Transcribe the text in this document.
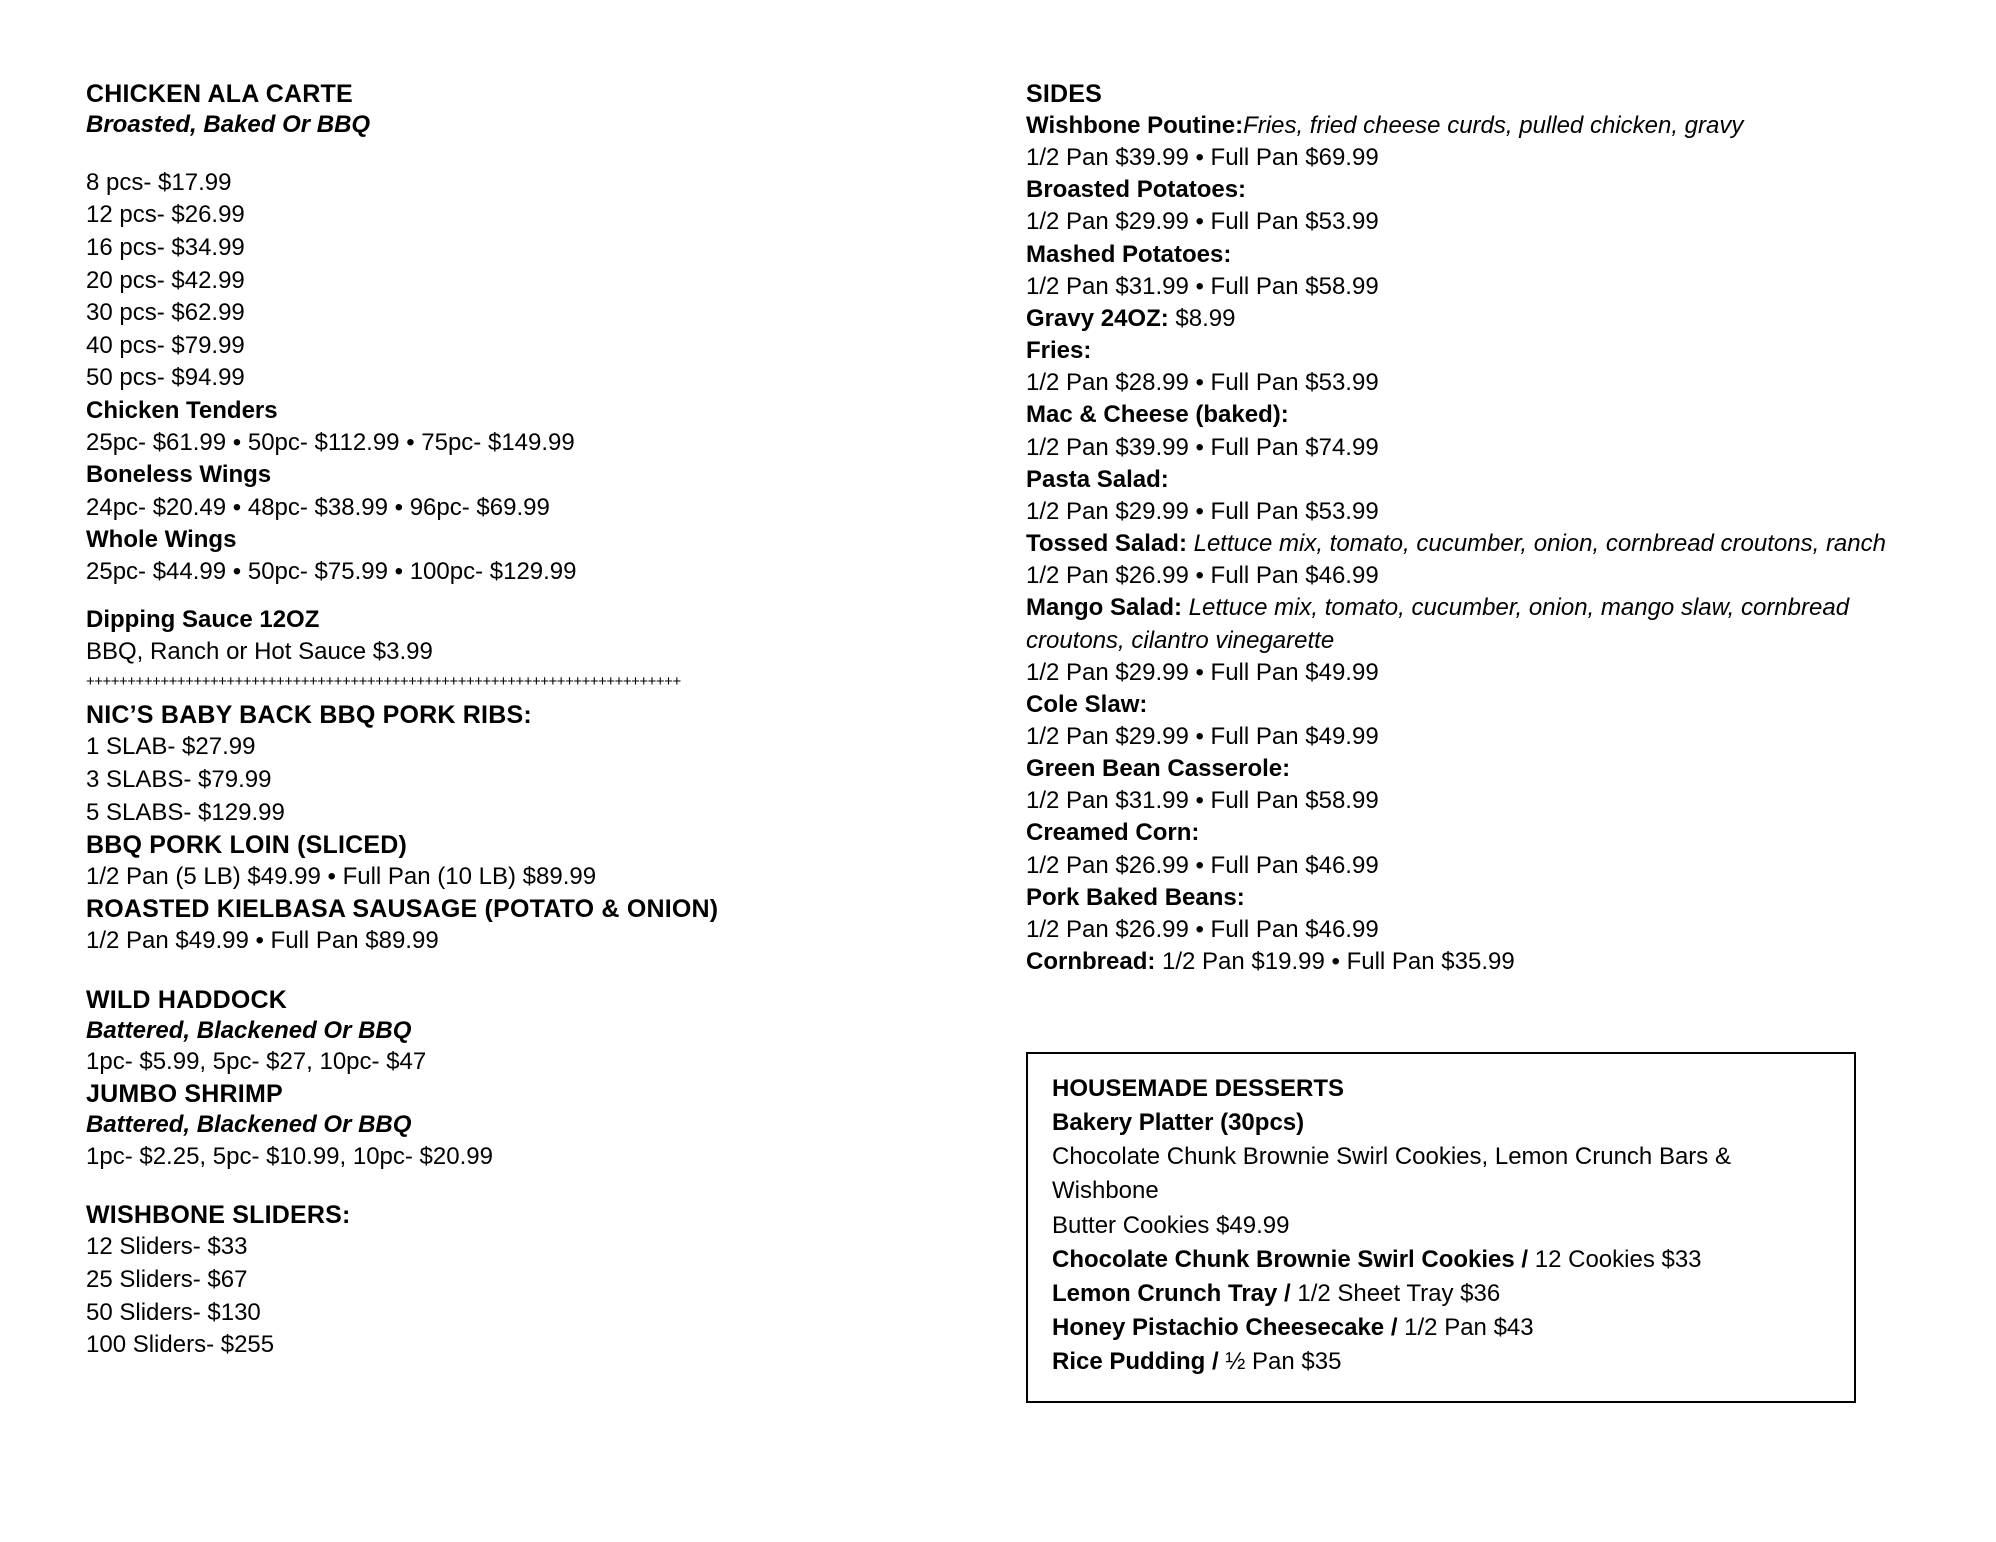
CHICKEN ALA CARTE
Broasted, Baked Or BBQ
8 pcs- $17.99
12 pcs- $26.99
16 pcs- $34.99
20 pcs- $42.99
30 pcs- $62.99
40 pcs- $79.99
50 pcs- $94.99
Chicken Tenders
25pc- $61.99 • 50pc- $112.99 • 75pc- $149.99
Boneless Wings
24pc- $20.49 • 48pc- $38.99 • 96pc- $69.99
Whole Wings
25pc- $44.99 • 50pc- $75.99 • 100pc- $129.99
Dipping Sauce 12OZ
BBQ, Ranch or Hot Sauce $3.99
++++++++++++++++++++++++++++++++++++++++++++++++++++++++++++++++++++++++
NIC’S BABY BACK BBQ PORK RIBS:
1 SLAB- $27.99
3 SLABS- $79.99
5 SLABS- $129.99
BBQ PORK LOIN (SLICED)
1/2 Pan (5 LB) $49.99 • Full Pan (10 LB) $89.99
ROASTED KIELBASA SAUSAGE (POTATO & ONION)
1/2 Pan $49.99 • Full Pan $89.99
WILD HADDOCK
Battered, Blackened Or BBQ
1pc- $5.99, 5pc- $27, 10pc- $47
JUMBO SHRIMP
Battered, Blackened Or BBQ
1pc- $2.25, 5pc- $10.99, 10pc- $20.99
WISHBONE SLIDERS:
12 Sliders- $33
25 Sliders- $67
50 Sliders- $130
100 Sliders- $255
SIDES
Wishbone Poutine:Fries, fried cheese curds, pulled chicken, gravy
1/2 Pan $39.99 • Full Pan $69.99
Broasted Potatoes:
1/2 Pan $29.99 • Full Pan $53.99
Mashed Potatoes:
1/2 Pan $31.99 • Full Pan $58.99
Gravy 24OZ: $8.99
Fries:
1/2 Pan $28.99 • Full Pan $53.99
Mac & Cheese (baked):
1/2 Pan $39.99 • Full Pan $74.99
Pasta Salad:
1/2 Pan $29.99 • Full Pan $53.99
Tossed Salad: Lettuce mix, tomato, cucumber, onion, cornbread croutons, ranch
1/2 Pan $26.99 • Full Pan $46.99
Mango Salad: Lettuce mix, tomato, cucumber, onion, mango slaw, cornbread
croutons, cilantro vinegarette
1/2 Pan $29.99 • Full Pan $49.99
Cole Slaw:
1/2 Pan $29.99 • Full Pan $49.99
Green Bean Casserole:
1/2 Pan $31.99 • Full Pan $58.99
Creamed Corn:
1/2 Pan $26.99 • Full Pan $46.99
Pork Baked Beans:
1/2 Pan $26.99 • Full Pan $46.99
Cornbread: 1/2 Pan $19.99 • Full Pan $35.99
HOUSEMADE DESSERTS
Bakery Platter (30pcs)
Chocolate Chunk Brownie Swirl Cookies, Lemon Crunch Bars & Wishbone
Butter Cookies $49.99
Chocolate Chunk Brownie Swirl Cookies / 12 Cookies $33
Lemon Crunch Tray / 1/2 Sheet Tray $36
Honey Pistachio Cheesecake / 1/2 Pan $43
Rice Pudding / ½ Pan $35
